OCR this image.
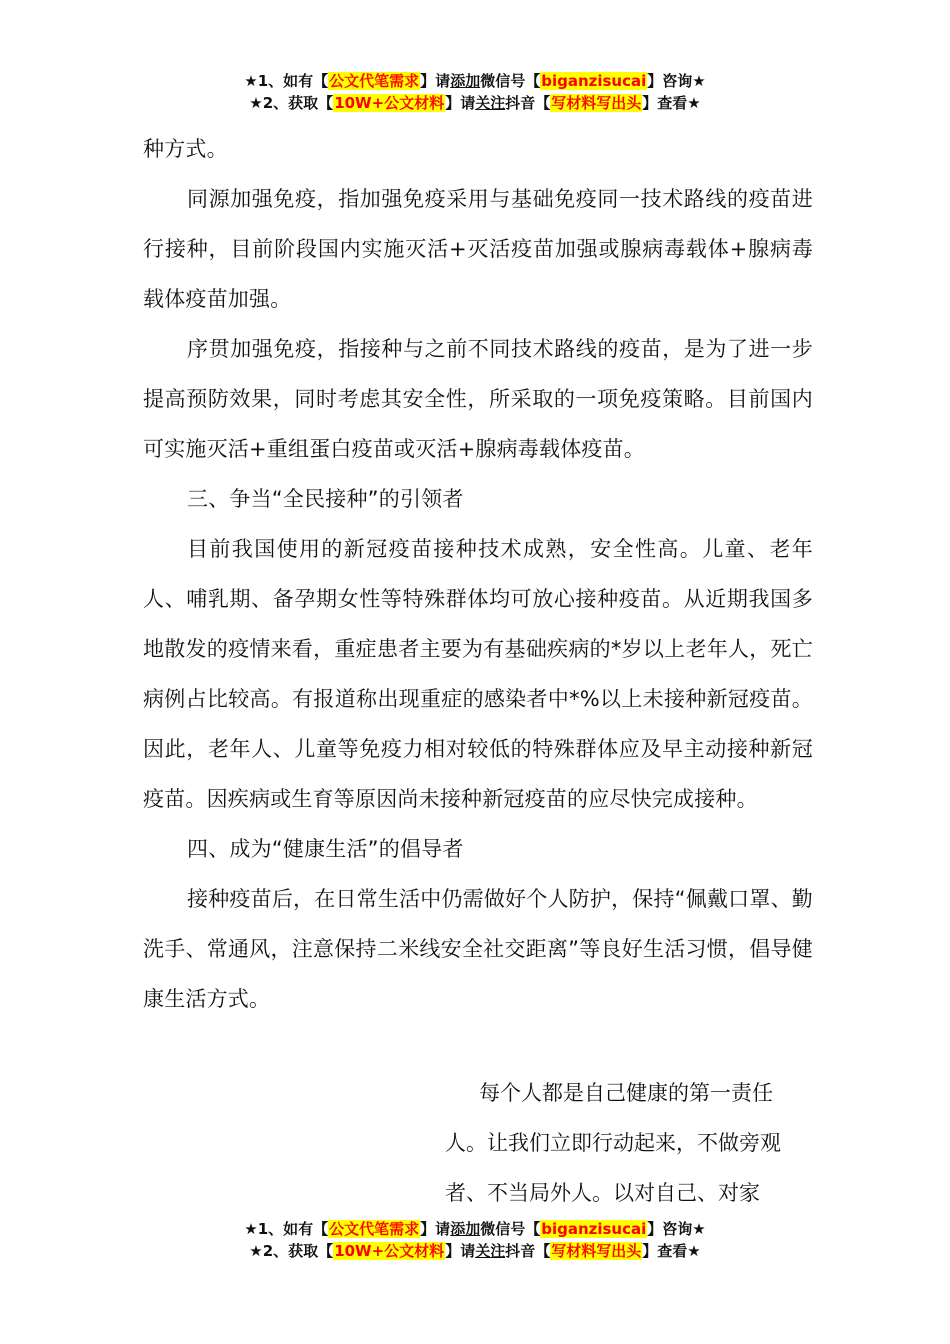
★1、如有【公文代笔需求】请添加微信号【biganzisucai】咨询★
★2、获取【10W+公文材料】请关注抖音【写材料写出头】查看★

种方式。

同源加强免疫，指加强免疫采用与基础免疫同一技术路线的疫苗进行接种，目前阶段国内实施灭活+灭活疫苗加强或腺病毒载体+腺病毒载体疫苗加强。

序贯加强免疫，指接种与之前不同技术路线的疫苗，是为了进一步提高预防效果，同时考虑其安全性，所采取的一项免疫策略。目前国内可实施灭活+重组蛋白疫苗或灭活+腺病毒载体疫苗。

三、争当“全民接种”的引领者

目前我国使用的新冠疫苗接种技术成熟，安全性高。儿童、老年人、哺乳期、备孕期女性等特殊群体均可放心接种疫苗。从近期我国多地散发的疫情来看，重症患者主要为有基础疾病的*岁以上老年人，死亡病例占比较高。有报道称出现重症的感染者中*%以上未接种新冠疫苗。因此，老年人、儿童等免疫力相对较低的特殊群体应及早主动接种新冠疫苗。因疾病或生育等原因尚未接种新冠疫苗的应尽快完成接种。

四、成为“健康生活”的倡导者

接种疫苗后，在日常生活中仍需做好个人防护，保持“佩戴口罩、勤洗手、常通风，注意保持二米线安全社交距离”等良好生活习惯，倡导健康生活方式。

每个人都是自己健康的第一责任

人。让我们立即行动起来，不做旁观

者、不当局外人。以对自己、对家

★1、如有【公文代笔需求】请添加微信号【biganzisucai】咨询★
★2、获取【10W+公文材料】请关注抖音【写材料写出头】查看★
